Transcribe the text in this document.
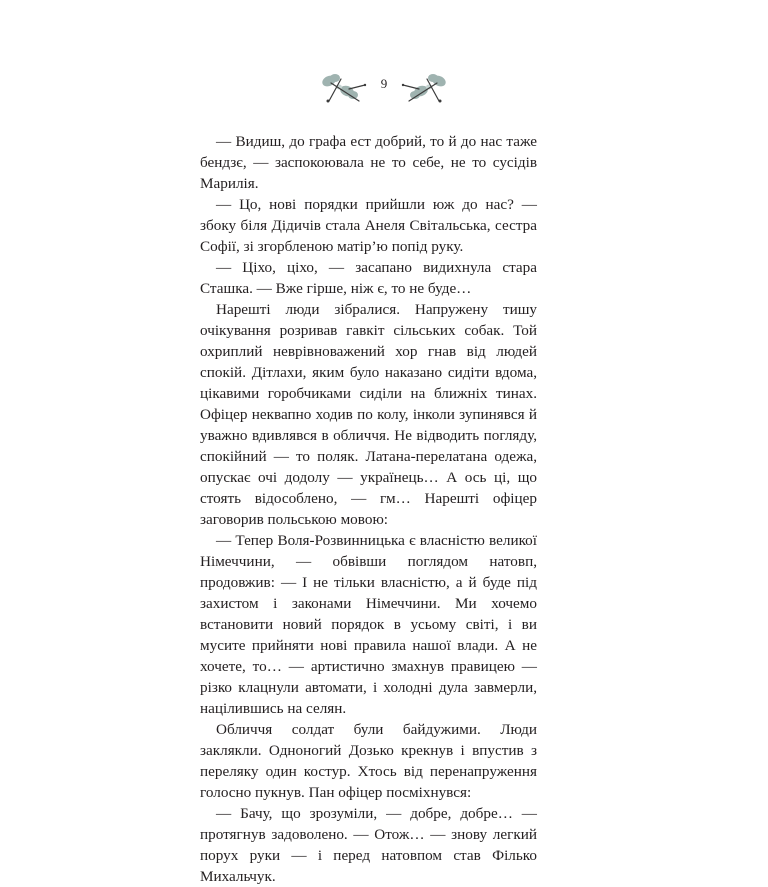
9

— Видиш, до графа ест добрий, то й до нас таже бендзє, — заспокоювала не то себе, не то сусідів Марилія.

— Цо, нові порядки прийшли юж до нас? — збоку біля Дідичів стала Анеля Світальська, сестра Софії, зі згорбленою матір’ю попід руку.

— Ціхо, ціхо, — засапано видихнула стара Сташка. — Вже гірше, ніж є, то не буде…

Нарешті люди зібралися. Напружену тишу очікування розривав гавкіт сільських собак. Той охриплий неврівноважений хор гнав від людей спокій. Дітлахи, яким було наказано сидіти вдома, цікавими горобчиками сиділи на ближніх тинах. Офіцер неквапно ходив по колу, інколи зупинявся й уважно вдивлявся в обличчя. Не відводить погляду, спокійний — то поляк. Латана-перелатана одежа, опускає очі додолу — українець… А ось ці, що стоять відособлено, — гм… Нарешті офіцер заговорив польською мовою:

— Тепер Воля-Розвинницька є власністю великої Німеччини, — обвівши поглядом натовп, продовжив: — І не тільки власністю, а й буде під захистом і законами Німеччини. Ми хочемо встановити новий порядок в усьому світі, і ви мусите прийняти нові правила нашої влади. А не хочете, то… — артистично змахнув правицею — різко клацнули автомати, і холодні дула завмерли, націлившись на селян.

Обличчя солдат були байдужими. Люди заклякли. Одноногий Дозько крекнув і впустив з переляку один костур. Хтось від перенапруження голосно пукнув. Пан офіцер посміхнувся:

— Бачу, що зрозуміли, — добре, добре… — протягнув задоволено. — Отож… — знову легкий порух руки — і перед натовпом став Філько Михальчук.
